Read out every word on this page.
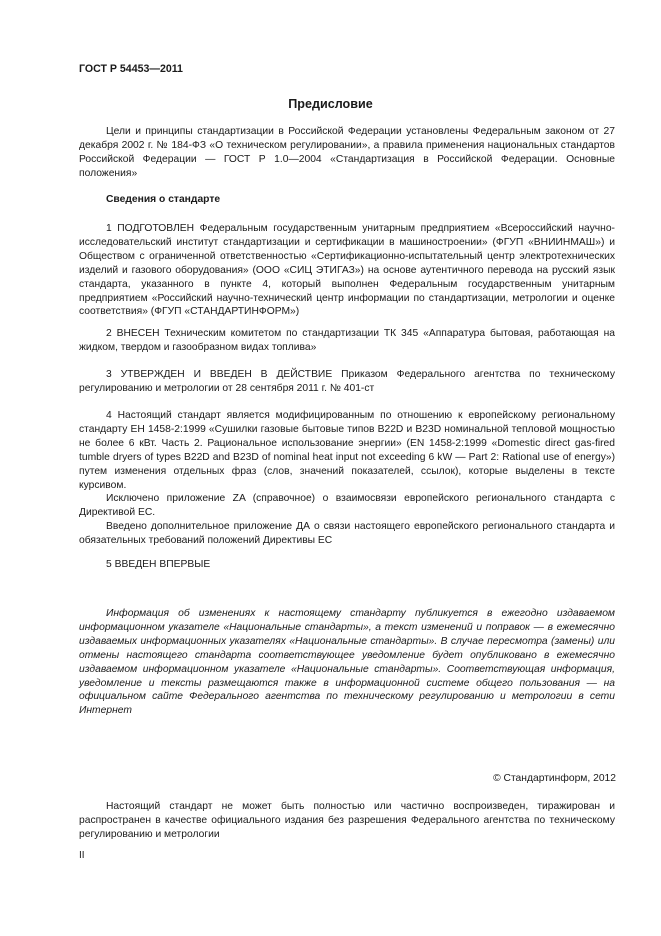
ГОСТ Р 54453—2011
Предисловие

Цели и принципы стандартизации в Российской Федерации установлены Федеральным законом от 27 декабря 2002 г. № 184-ФЗ «О техническом регулировании», а правила применения национальных стандартов Российской Федерации — ГОСТ Р 1.0—2004 «Стандартизация в Российской Федерации. Основные положения»

Сведения о стандарте

1 ПОДГОТОВЛЕН Федеральным государственным унитарным предприятием «Всероссийский научно-исследовательский институт стандартизации и сертификации в машиностроении» (ФГУП «ВНИИНМАШ») и Обществом с ограниченной ответственностью «Сертификационно-испытательный центр электротехнических изделий и газового оборудования» (ООО «СИЦ ЭТИГАЗ») на основе аутентичного перевода на русский язык стандарта, указанного в пункте 4, который выполнен Федеральным государственным унитарным предприятием «Российский научно-технический центр информации по стандартизации, метрологии и оценке соответствия» (ФГУП «СТАНДАРТИНФОРМ»)

2 ВНЕСЕН Техническим комитетом по стандартизации ТК 345 «Аппаратура бытовая, работающая на жидком, твердом и газообразном видах топлива»

3 УТВЕРЖДЕН И ВВЕДЕН В ДЕЙСТВИЕ Приказом Федерального агентства по техническому регулированию и метрологии от 28 сентября 2011 г. № 401-ст

4 Настоящий стандарт является модифицированным по отношению к европейскому региональному стандарту ЕН 1458-2:1999 «Сушилки газовые бытовые типов B22D и B23D номинальной тепловой мощностью не более 6 кВт. Часть 2. Рациональное использование энергии» (EN 1458-2:1999 «Domestic direct gas-fired tumble dryers of types B22D and B23D of nominal heat input not exceeding 6 kW — Part 2: Rational use of energy») путем изменения отдельных фраз (слов, значений показателей, ссылок), которые выделены в тексте курсивом.

Исключено приложение ZA (справочное) о взаимосвязи европейского регионального стандарта с Директивой ЕС.

Введено дополнительное приложение ДА о связи настоящего европейского регионального стандарта и обязательных требований положений Директивы ЕС

5 ВВЕДЕН ВПЕРВЫЕ

Информация об изменениях к настоящему стандарту публикуется в ежегодно издаваемом информационном указателе «Национальные стандарты», а текст изменений и поправок — в ежемесячно издаваемых информационных указателях «Национальные стандарты». В случае пересмотра (замены) или отмены настоящего стандарта соответствующее уведомление будет опубликовано в ежемесячно издаваемом информационном указателе «Национальные стандарты». Соответствующая информация, уведомление и тексты размещаются также в информационной системе общего пользования — на официальном сайте Федерального агентства по техническому регулированию и метрологии в сети Интернет

© Стандартинформ, 2012

Настоящий стандарт не может быть полностью или частично воспроизведен, тиражирован и распространен в качестве официального издания без разрешения Федерального агентства по техническому регулированию и метрологии

II
